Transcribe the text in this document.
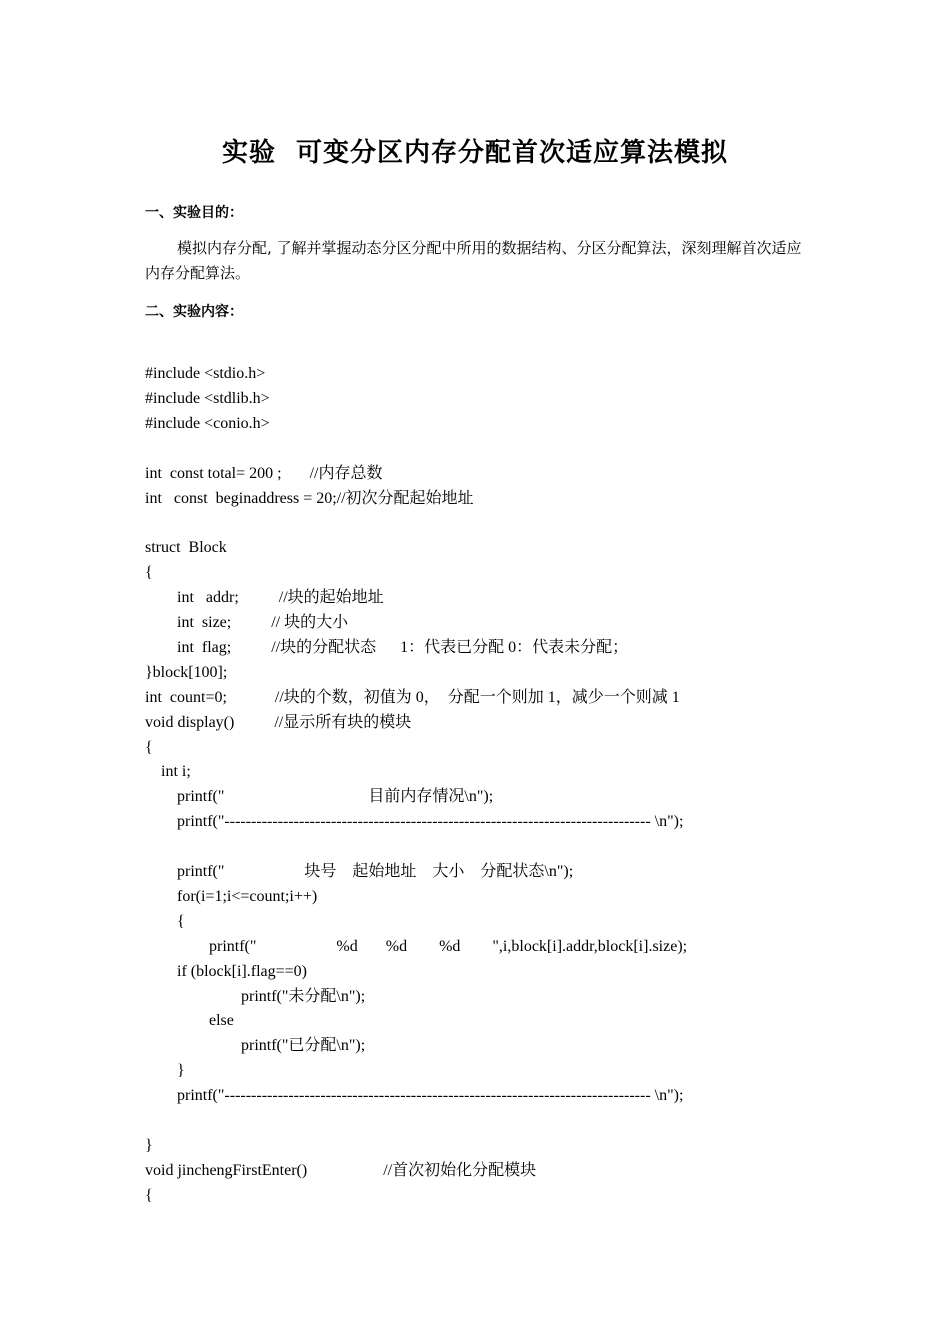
实验  可变分区内存分配首次适应算法模拟
一、实验目的：
模拟内存分配, 了解并掌握动态分区分配中所用的数据结构、分区分配算法，深刻理解首次适应内存分配算法。
二、实验内容：
#include <stdio.h>
#include <stdlib.h>
#include <conio.h>
int  const total= 200 ;       //内存总数
int   const  beginaddress = 20;//初次分配起始地址
struct  Block
{
int   addr;          //块的起始地址
int  size;          // 块的大小
int  flag;          //块的分配状态      1：代表已分配 0：代表未分配；
}block[100];
int  count=0;            //块的个数，初值为 0，  分配一个则加 1，减少一个则减 1
void display()          //显示所有块的模块
{
int i;
printf("                                    目前内存情况\n");
printf("-------------------------------------------------------------------------------- \n");
printf("                    块号    起始地址    大小    分配状态\n");
for(i=1;i<=count;i++)
{
printf("                    %d       %d        %d        ",i,block[i].addr,block[i].size);
if (block[i].flag==0)
printf("未分配\n");
else
printf("已分配\n");
}
printf("-------------------------------------------------------------------------------- \n");
}
void jinchengFirstEnter()                   //首次初始化分配模块
{
